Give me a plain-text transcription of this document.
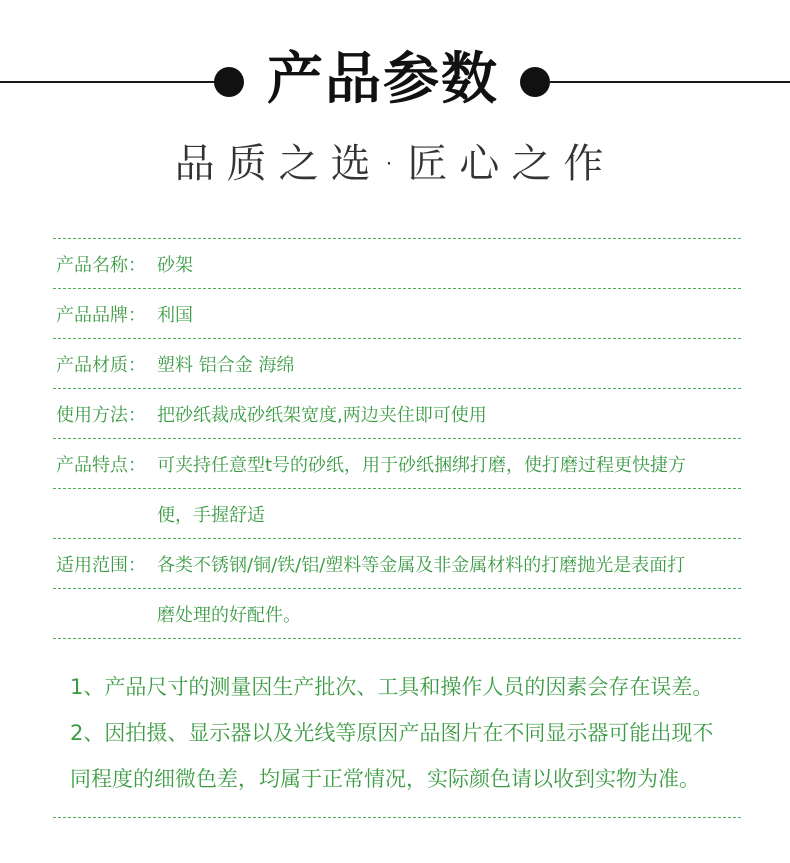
产品参数
品质之选·匠心之作
产品名称： 砂架
产品品牌： 利国
产品材质： 塑料 铝合金 海绵
使用方法： 把砂纸裁成砂纸架宽度,两边夹住即可使用
产品特点： 可夹持任意型t号的砂纸，用于砂纸捆绑打磨，使打磨过程更快捷方
便，手握舒适
适用范围： 各类不锈钢/铜/铁/铝/塑料等金属及非金属材料的打磨抛光是表面打
磨处理的好配件。
1、产品尺寸的测量因生产批次、工具和操作人员的因素会存在误差。
2、因拍摄、显示器以及光线等原因产品图片在不同显示器可能出现不
同程度的细微色差，均属于正常情况，实际颜色请以收到实物为准。
